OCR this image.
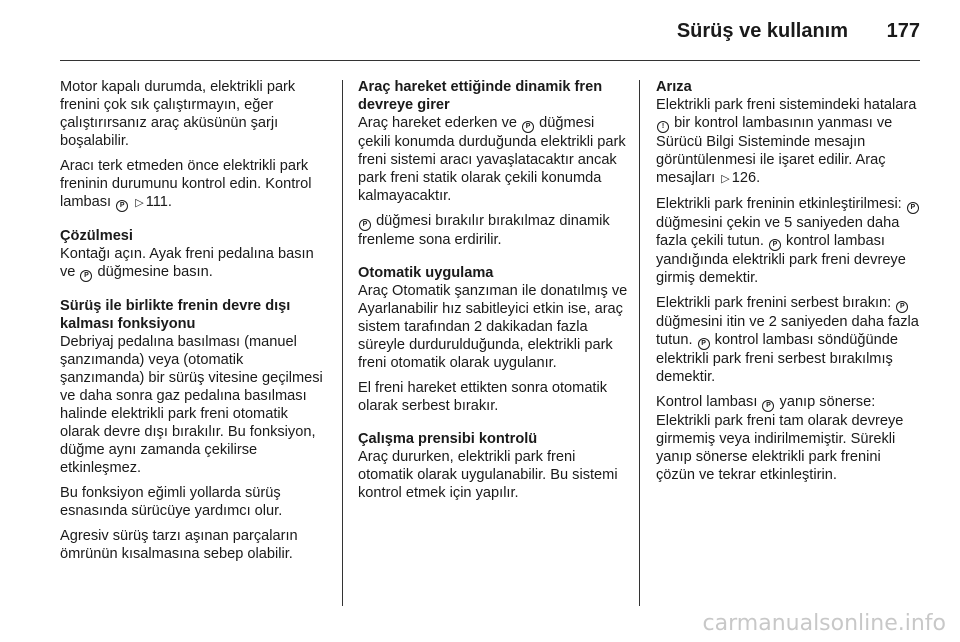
Sürüş ve kullanım 177

Motor kapalı durumda, elektrikli park frenini çok sık çalıştırmayın, eğer çalıştırırsanız araç aküsünün şarjı boşalabilir.

Aracı terk etmeden önce elektrikli park freninin durumunu kontrol edin. Kontrol lambası P ▷ 111.

Çözülmesi

Kontağı açın. Ayak freni pedalına basın ve P düğmesine basın.

Sürüş ile birlikte frenin devre dışı kalması fonksiyonu

Debriyaj pedalına basılması (manuel şanzımanda) veya (otomatik şanzımanda) bir sürüş vitesine geçilmesi ve daha sonra gaz pedalına basılması halinde elektrikli park freni otomatik olarak devre dışı bırakılır. Bu fonksiyon, düğme aynı zamanda çekilirse etkinleşmez.

Bu fonksiyon eğimli yollarda sürüş esnasında sürücüye yardımcı olur.

Agresiv sürüş tarzı aşınan parçaların ömrünün kısalmasına sebep olabilir.

Araç hareket ettiğinde dinamik fren devreye girer

Araç hareket ederken ve P düğmesi çekili konumda durduğunda elektrikli park freni sistemi aracı yavaşlatacaktır ancak park freni statik olarak çekili konumda kalmayacaktır.

P düğmesi bırakılır bırakılmaz dinamik frenleme sona erdirilir.

Otomatik uygulama

Araç Otomatik şanzıman ile donatılmış ve Ayarlanabilir hız sabitleyici etkin ise, araç sistem tarafından 2 dakikadan fazla süreyle durdurulduğunda, elektrikli park freni otomatik olarak uygulanır.

El freni hareket ettikten sonra otomatik olarak serbest bırakır.

Çalışma prensibi kontrolü

Araç dururken, elektrikli park freni otomatik olarak uygulanabilir. Bu sistemi kontrol etmek için yapılır.

Arıza

Elektrikli park freni sistemindeki hatalara ! bir kontrol lambasının yanması ve Sürücü Bilgi Sisteminde mesajın görüntülenmesi ile işaret edilir. Araç mesajları ▷ 126.

Elektrikli park freninin etkinleştirilmesi: P düğmesini çekin ve 5 saniyeden daha fazla çekili tutun. P kontrol lambası yandığında elektrikli park freni devreye girmiş demektir.

Elektrikli park frenini serbest bırakın: P düğmesini itin ve 2 saniyeden daha fazla tutun. P kontrol lambası söndüğünde elektrikli park freni serbest bırakılmış demektir.

Kontrol lambası P yanıp sönerse: Elektrikli park freni tam olarak devreye girmemiş veya indirilmemiştir. Sürekli yanıp sönerse elektrikli park frenini çözün ve tekrar etkinleştirin.

carmanualsonline.info
